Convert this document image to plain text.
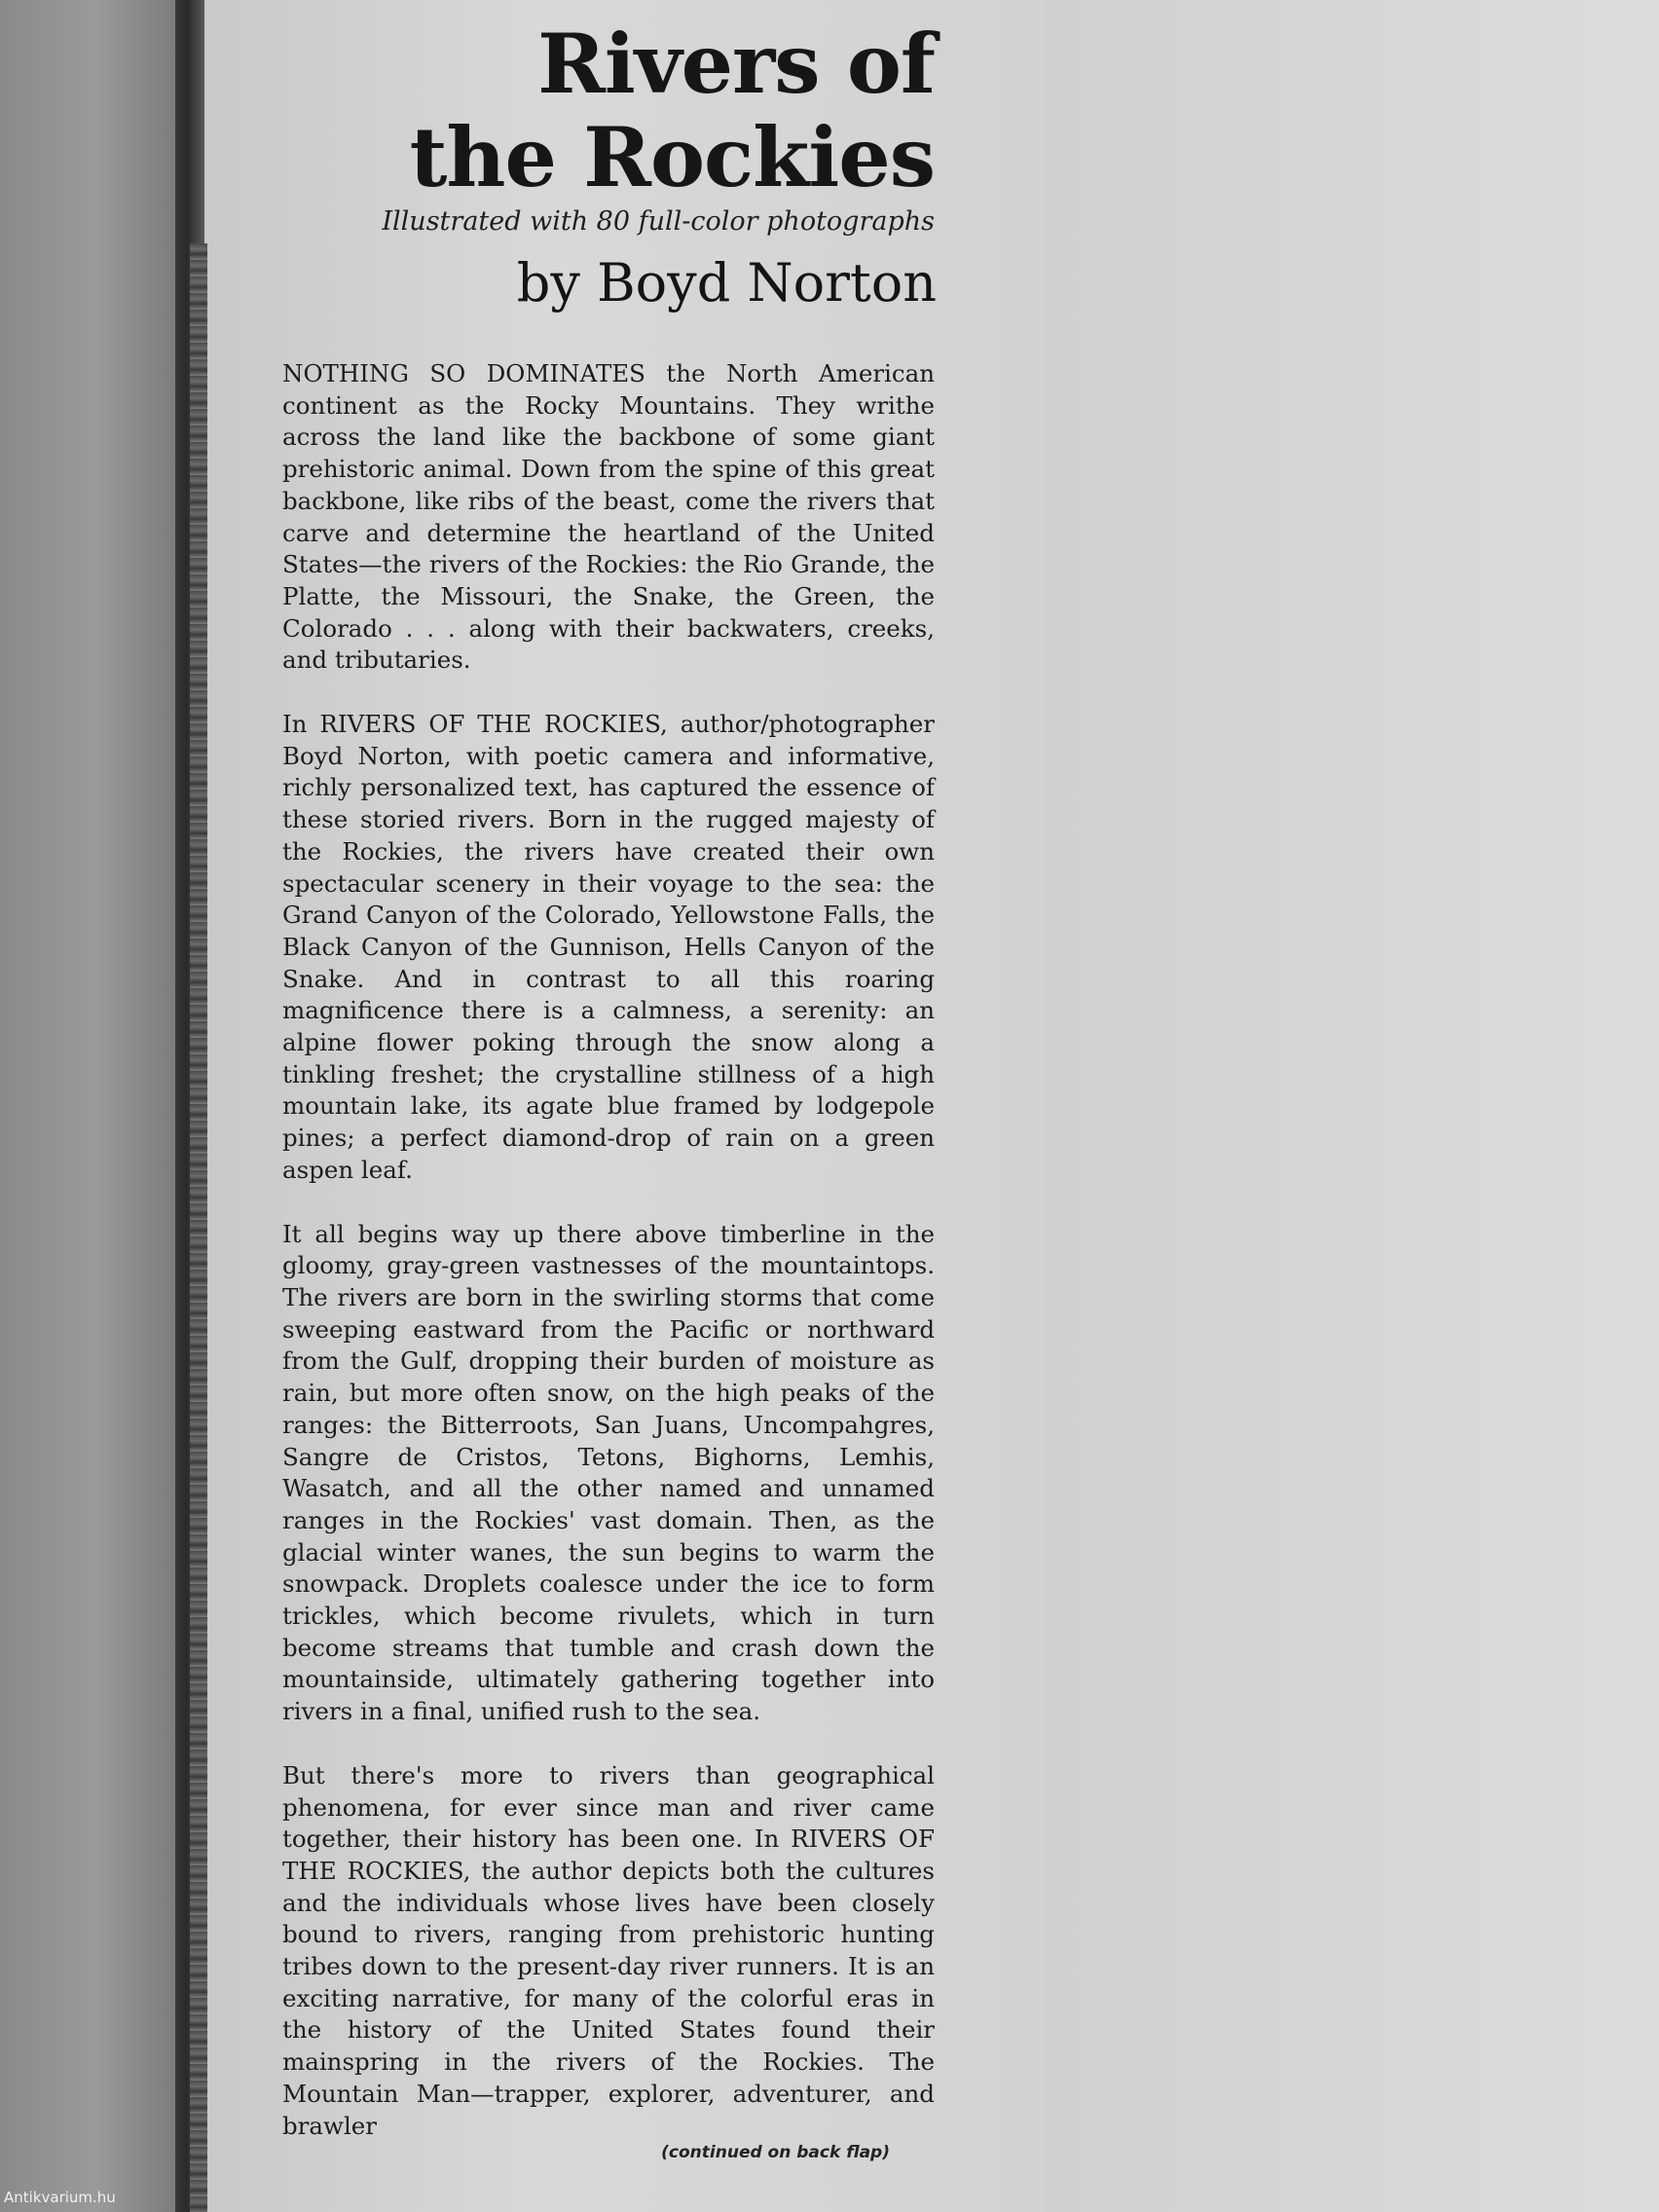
Rivers of
the Rockies

Illustrated with 80 full-color photographs

by Boyd Norton

NOTHING SO DOMINATES the North American continent as the Rocky Mountains. They writhe across the land like the backbone of some giant prehistoric animal. Down from the spine of this great backbone, like ribs of the beast, come the rivers that carve and determine the heartland of the United States—the rivers of the Rockies: the Rio Grande, the Platte, the Missouri, the Snake, the Green, the Colorado . . . along with their backwaters, creeks, and tributaries.

In RIVERS OF THE ROCKIES, author/photographer Boyd Norton, with poetic camera and informative, richly personalized text, has captured the essence of these storied rivers. Born in the rugged majesty of the Rockies, the rivers have created their own spectacular scenery in their voyage to the sea: the Grand Canyon of the Colorado, Yellowstone Falls, the Black Canyon of the Gunnison, Hells Canyon of the Snake. And in contrast to all this roaring magnificence there is a calmness, a serenity: an alpine flower poking through the snow along a tinkling freshet; the crystalline stillness of a high mountain lake, its agate blue framed by lodgepole pines; a perfect diamond-drop of rain on a green aspen leaf.

It all begins way up there above timberline in the gloomy, gray-green vastnesses of the mountaintops. The rivers are born in the swirling storms that come sweeping eastward from the Pacific or northward from the Gulf, dropping their burden of moisture as rain, but more often snow, on the high peaks of the ranges: the Bitterroots, San Juans, Uncompahgres, Sangre de Cristos, Tetons, Bighorns, Lemhis, Wasatch, and all the other named and unnamed ranges in the Rockies' vast domain. Then, as the glacial winter wanes, the sun begins to warm the snowpack. Droplets coalesce under the ice to form trickles, which become rivulets, which in turn become streams that tumble and crash down the mountainside, ultimately gathering together into rivers in a final, unified rush to the sea.

But there's more to rivers than geographical phenomena, for ever since man and river came together, their history has been one. In RIVERS OF THE ROCKIES, the author depicts both the cultures and the individuals whose lives have been closely bound to rivers, ranging from prehistoric hunting tribes down to the present-day river runners. It is an exciting narrative, for many of the colorful eras in the history of the United States found their mainspring in the rivers of the Rockies. The Mountain Man—trapper, explorer, adventurer, and brawler

(continued on back flap)
Antikvarium.hu
